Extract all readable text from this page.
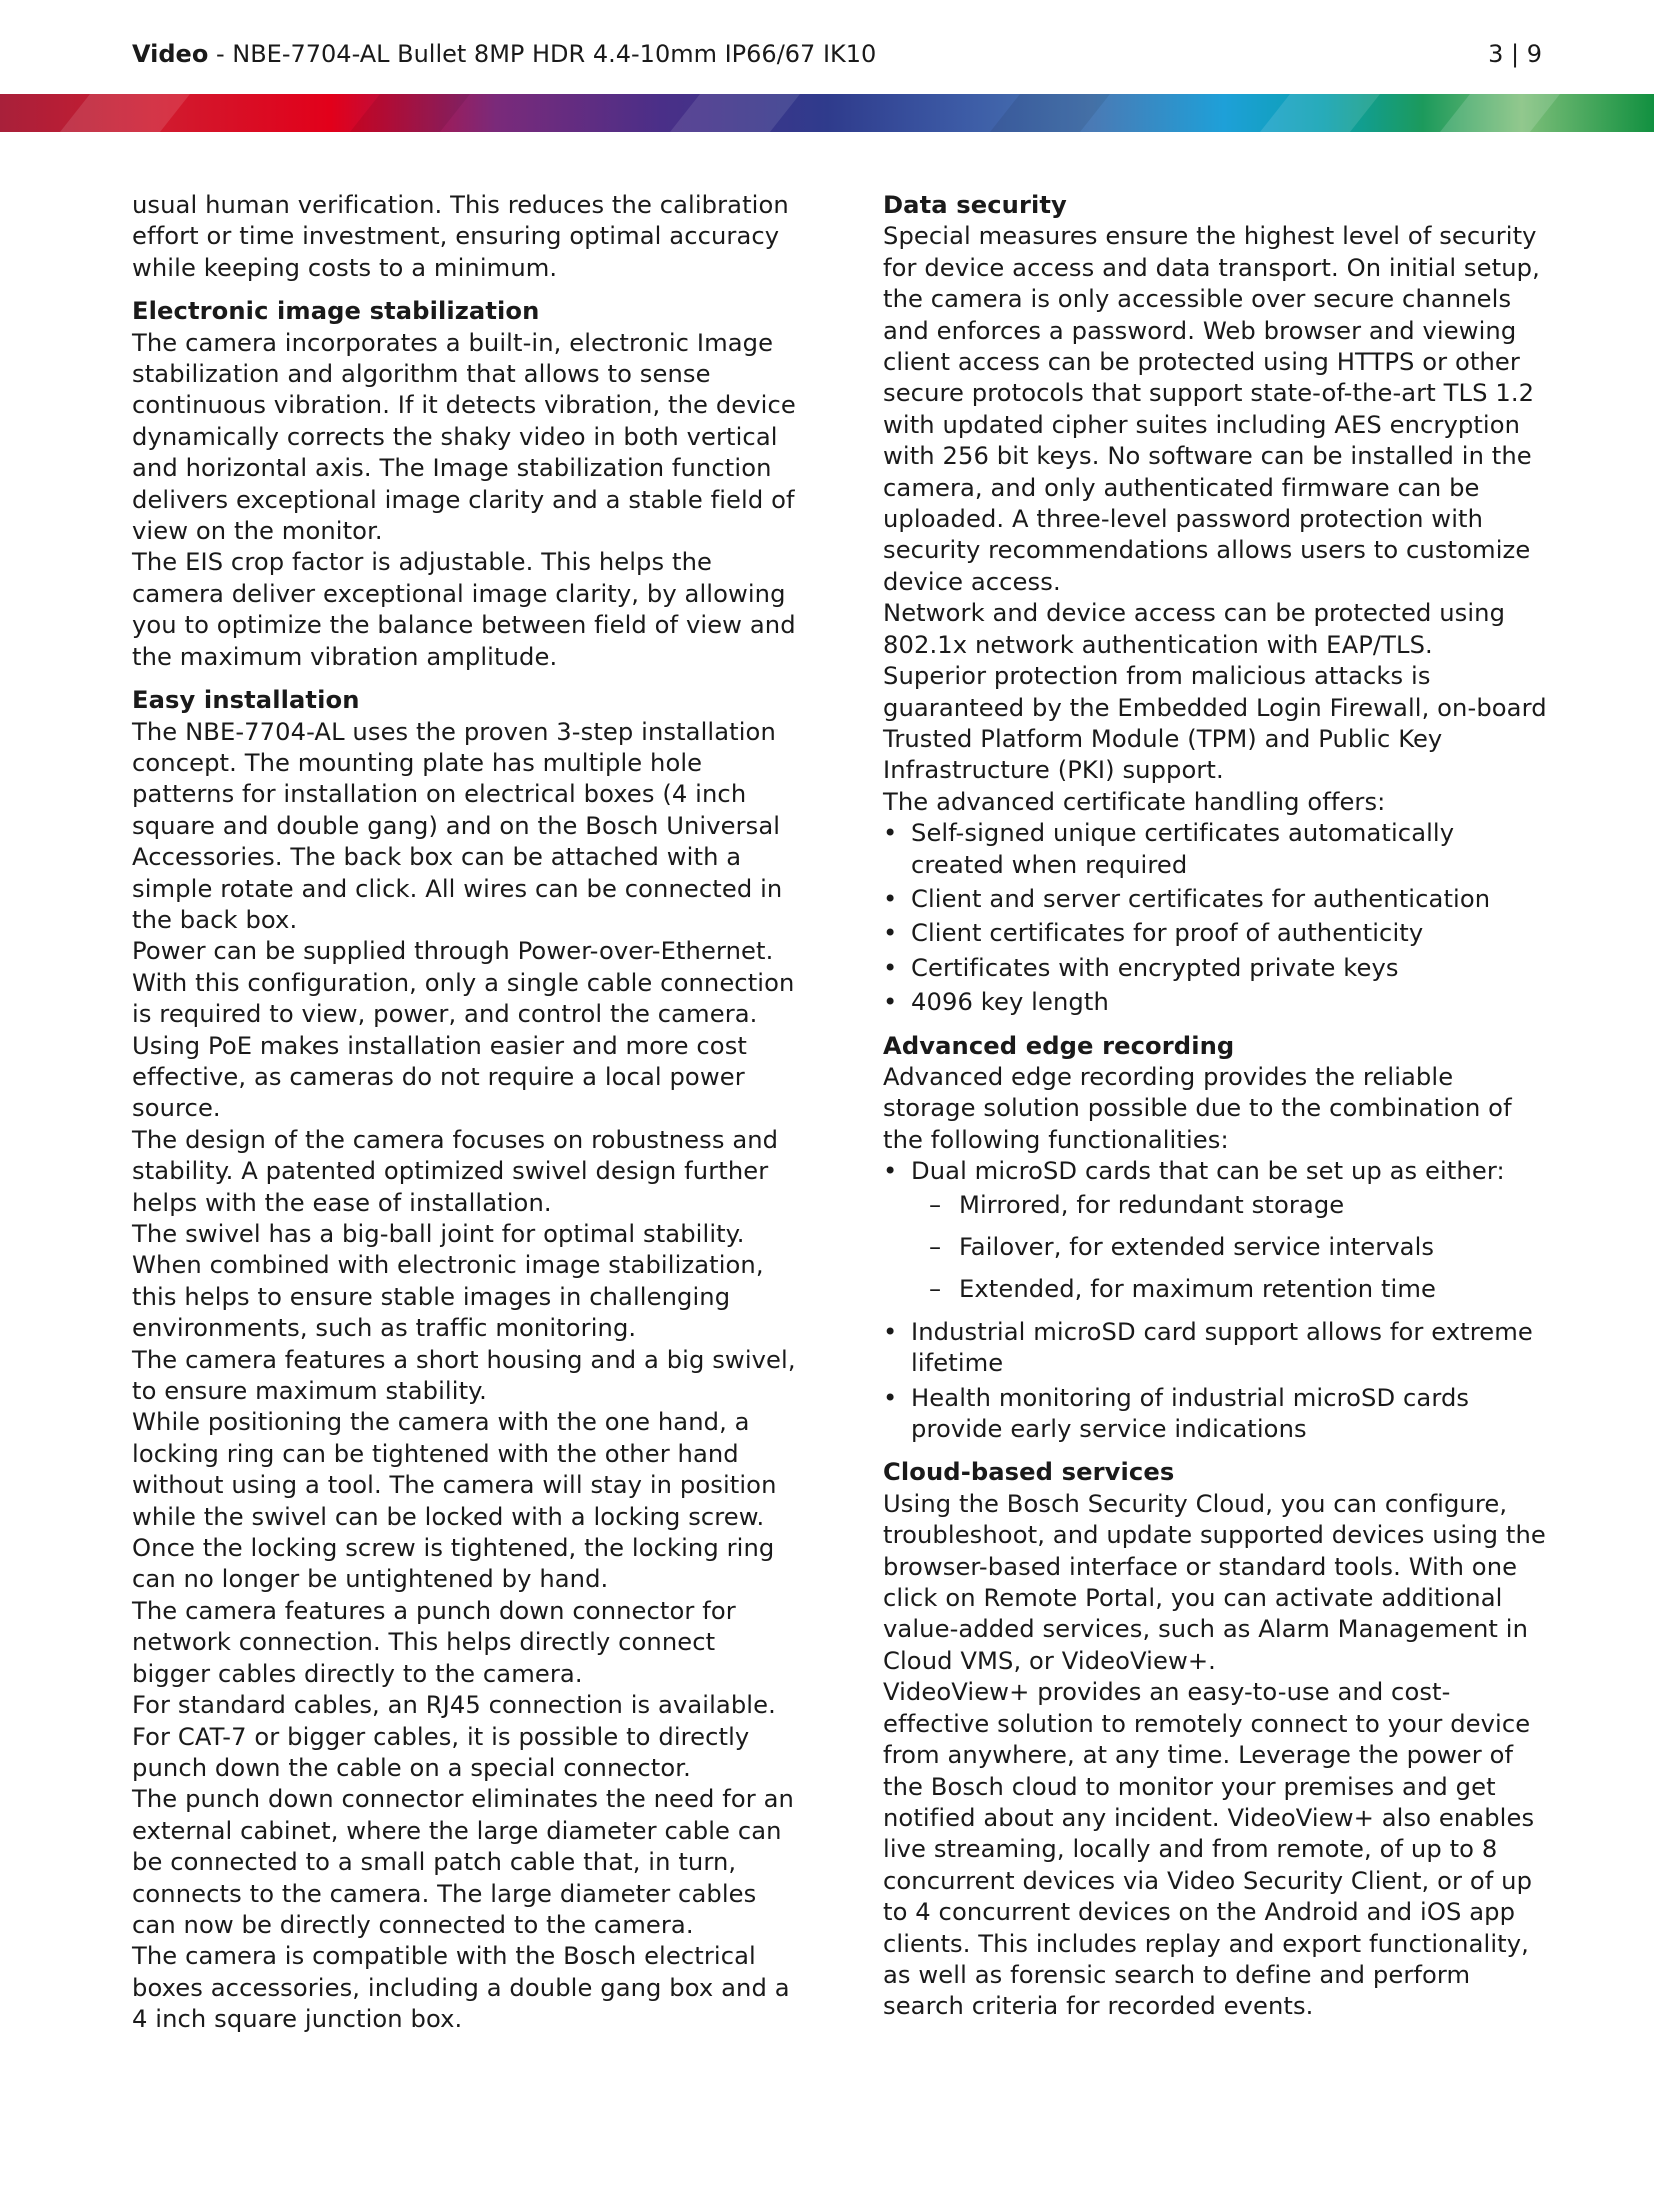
Video - NBE-7704-AL Bullet 8MP HDR 4.4-10mm IP66/67 IK10	3 | 9

usual human verification. This reduces the calibration effort or time investment, ensuring optimal accuracy while keeping costs to a minimum.

Electronic image stabilization

The camera incorporates a built-in, electronic Image stabilization and algorithm that allows to sense continuous vibration. If it detects vibration, the device dynamically corrects the shaky video in both vertical and horizontal axis. The Image stabilization function delivers exceptional image clarity and a stable field of view on the monitor.

The EIS crop factor is adjustable. This helps the camera deliver exceptional image clarity, by allowing you to optimize the balance between field of view and the maximum vibration amplitude.

Easy installation

The NBE-7704-AL uses the proven 3-step installation concept. The mounting plate has multiple hole patterns for installation on electrical boxes (4 inch square and double gang) and on the Bosch Universal Accessories. The back box can be attached with a simple rotate and click. All wires can be connected in the back box.

Power can be supplied through Power-over-Ethernet. With this configuration, only a single cable connection is required to view, power, and control the camera. Using PoE makes installation easier and more cost effective, as cameras do not require a local power source.

The design of the camera focuses on robustness and stability. A patented optimized swivel design further helps with the ease of installation.

The swivel has a big-ball joint for optimal stability. When combined with electronic image stabilization, this helps to ensure stable images in challenging environments, such as traffic monitoring.

The camera features a short housing and a big swivel, to ensure maximum stability.

While positioning the camera with the one hand, a locking ring can be tightened with the other hand without using a tool. The camera will stay in position while the swivel can be locked with a locking screw. Once the locking screw is tightened, the locking ring can no longer be untightened by hand.

The camera features a punch down connector for network connection. This helps directly connect bigger cables directly to the camera.

For standard cables, an RJ45 connection is available. For CAT-7 or bigger cables, it is possible to directly punch down the cable on a special connector.

The punch down connector eliminates the need for an external cabinet, where the large diameter cable can be connected to a small patch cable that, in turn, connects to the camera. The large diameter cables can now be directly connected to the camera.

The camera is compatible with the Bosch electrical boxes accessories, including a double gang box and a 4 inch square junction box.

Data security

Special measures ensure the highest level of security for device access and data transport. On initial setup, the camera is only accessible over secure channels and enforces a password. Web browser and viewing client access can be protected using HTTPS or other secure protocols that support state-of-the-art TLS 1.2 with updated cipher suites including AES encryption with 256 bit keys. No software can be installed in the camera, and only authenticated firmware can be uploaded. A three-level password protection with security recommendations allows users to customize device access.

Network and device access can be protected using 802.1x network authentication with EAP/TLS.

Superior protection from malicious attacks is guaranteed by the Embedded Login Firewall, on-board Trusted Platform Module (TPM) and Public Key Infrastructure (PKI) support.

The advanced certificate handling offers:

• Self-signed unique certificates automatically created when required
• Client and server certificates for authentication
• Client certificates for proof of authenticity
• Certificates with encrypted private keys
• 4096 key length
Advanced edge recording

Advanced edge recording provides the reliable storage solution possible due to the combination of the following functionalities:

• Dual microSD cards that can be set up as either:
– Mirrored, for redundant storage
– Failover, for extended service intervals
– Extended, for maximum retention time
• Industrial microSD card support allows for extreme lifetime
• Health monitoring of industrial microSD cards provide early service indications
Cloud-based services

Using the Bosch Security Cloud, you can configure, troubleshoot, and update supported devices using the browser-based interface or standard tools. With one click on Remote Portal, you can activate additional value-added services, such as Alarm Management in Cloud VMS, or VideoView+.

VideoView+ provides an easy-to-use and cost-effective solution to remotely connect to your device from anywhere, at any time. Leverage the power of the Bosch cloud to monitor your premises and get notified about any incident. VideoView+ also enables live streaming, locally and from remote, of up to 8 concurrent devices via Video Security Client, or of up to 4 concurrent devices on the Android and iOS app clients. This includes replay and export functionality, as well as forensic search to define and perform search criteria for recorded events.
